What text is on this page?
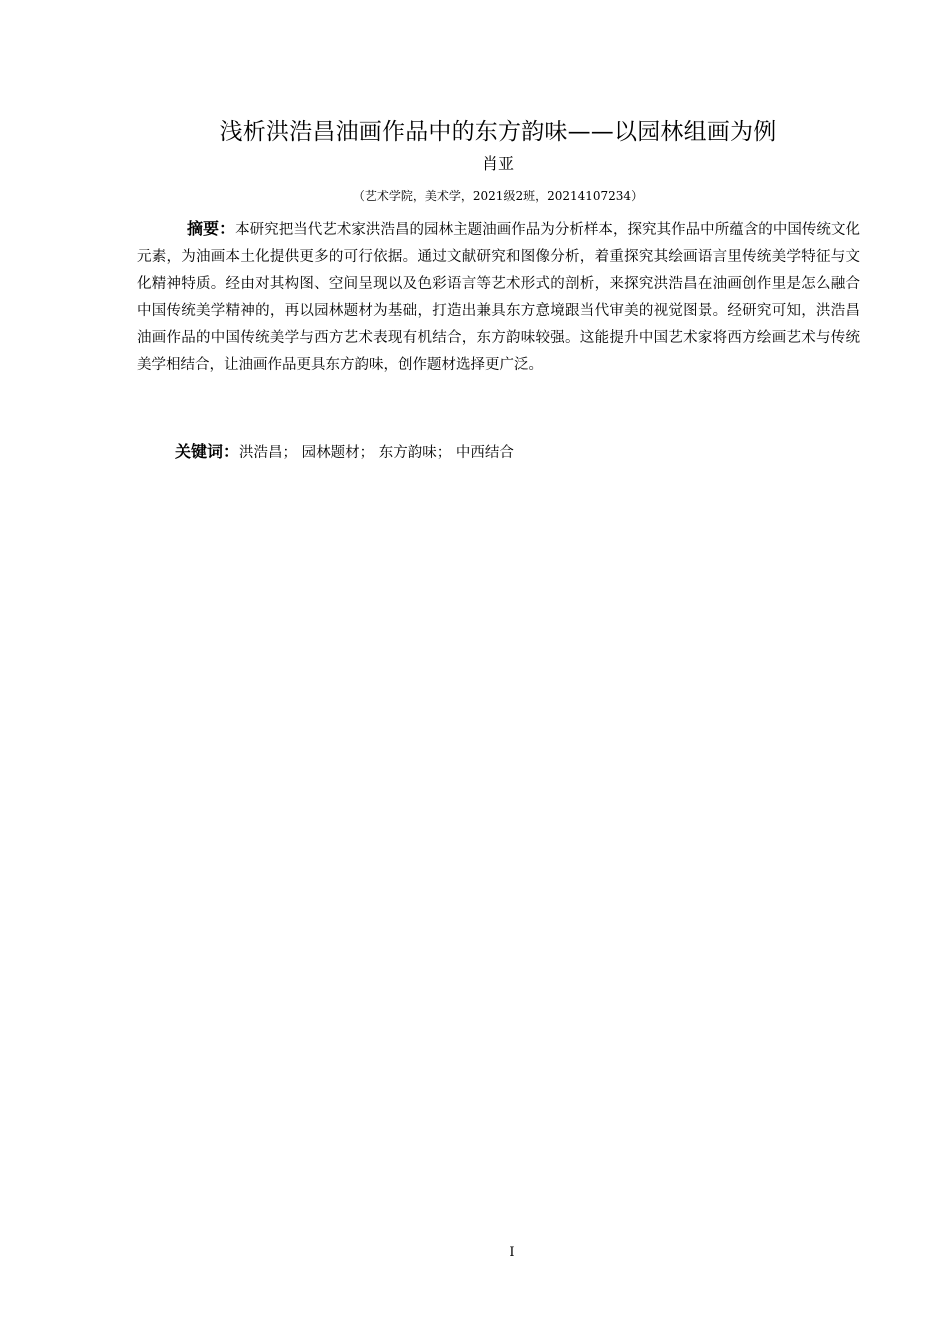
浅析洪浩昌油画作品中的东方韵味——以园林组画为例
肖亚
（艺术学院，美术学，2021级2班，20214107234）

摘要：本研究把当代艺术家洪浩昌的园林主题油画作品为分析样本，探究其作品中所蕴含的中国传统文化元素，为油画本土化提供更多的可行依据。通过文献研究和图像分析，着重探究其绘画语言里传统美学特征与文化精神特质。经由对其构图、空间呈现以及色彩语言等艺术形式的剖析，来探究洪浩昌在油画创作里是怎么融合中国传统美学精神的，再以园林题材为基础，打造出兼具东方意境跟当代审美的视觉图景。经研究可知，洪浩昌油画作品的中国传统美学与西方艺术表现有机结合，东方韵味较强。这能提升中国艺术家将西方绘画艺术与传统美学相结合，让油画作品更具东方韵味，创作题材选择更广泛。

关键词：洪浩昌； 园林题材； 东方韵味； 中西结合

I
